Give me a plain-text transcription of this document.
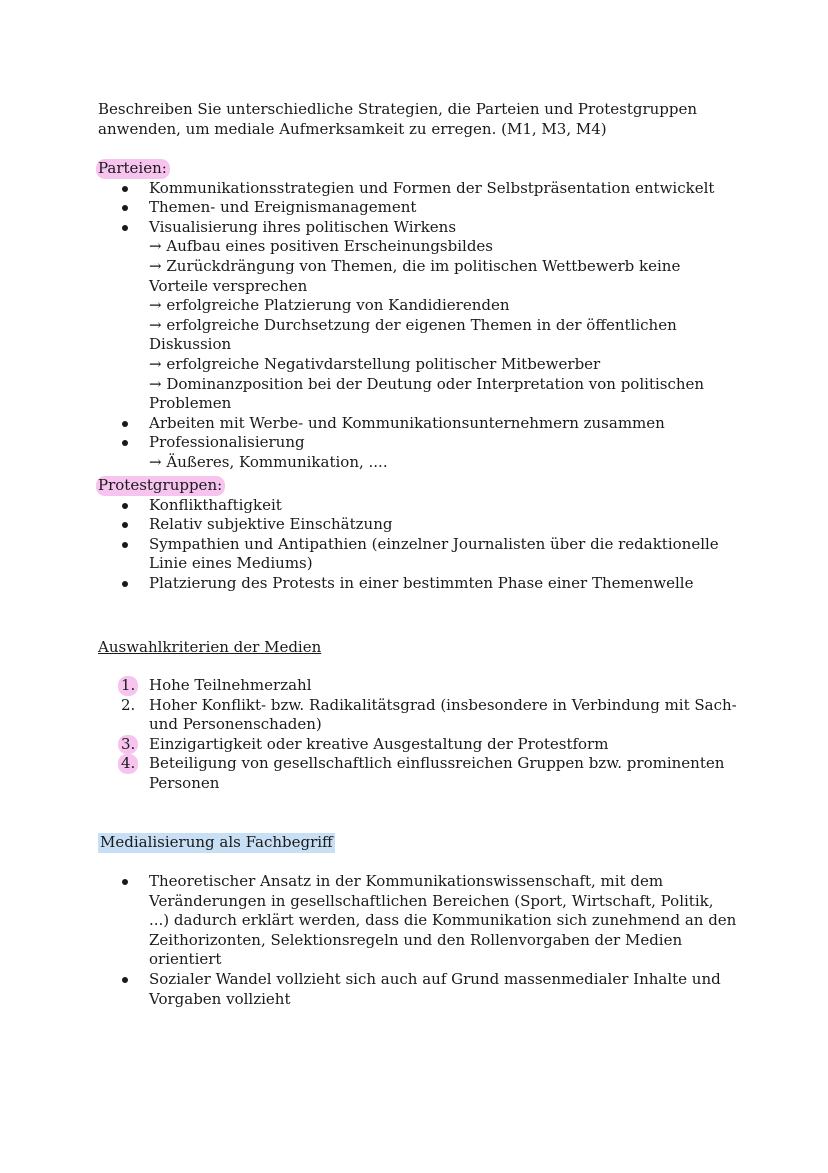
Beschreiben Sie unterschiedliche Strategien, die Parteien und Protestgruppen
anwenden, um mediale Aufmerksamkeit zu erregen. (M1, M3, M4)
Parteien:
Kommunikationsstrategien und Formen der Selbstpräsentation entwickelt
Themen- und Ereignismanagement
Visualisierung ihres politischen Wirkens
→ Aufbau eines positiven Erscheinungsbildes
→ Zurückdrängung von Themen, die im politischen Wettbewerb keine Vorteile versprechen
→ erfolgreiche Platzierung von Kandidierenden
→ erfolgreiche Durchsetzung der eigenen Themen in der öffentlichen Diskussion
→ erfolgreiche Negativdarstellung politischer Mitbewerber
→ Dominanzposition bei der Deutung oder Interpretation von politischen Problemen
Arbeiten mit Werbe- und Kommunikationsunternehmern zusammen
Professionalisierung
→ Äußeres, Kommunikation, ....
Protestgruppen:
Konflikthaftigkeit
Relativ subjektive Einschätzung
Sympathien und Antipathien (einzelner Journalisten über die redaktionelle Linie eines Mediums)
Platzierung des Protests in einer bestimmten Phase einer Themenwelle
Auswahlkriterien der Medien
1. Hohe Teilnehmerzahl
2. Hoher Konflikt- bzw. Radikalitätsgrad (insbesondere in Verbindung mit Sach- und Personenschaden)
3. Einzigartigkeit oder kreative Ausgestaltung der Protestform
4. Beteiligung von gesellschaftlich einflussreichen Gruppen bzw. prominenten Personen
Medialisierung als Fachbegriff
Theoretischer Ansatz in der Kommunikationswissenschaft, mit dem Veränderungen in gesellschaftlichen Bereichen (Sport, Wirtschaft, Politik, ...) dadurch erklärt werden, dass die Kommunikation sich zunehmend an den Zeithorizonten, Selektionsregeln und den Rollenvorgaben der Medien orientiert
Sozialer Wandel vollzieht sich auch auf Grund massenmedialer Inhalte und Vorgaben vollzieht
